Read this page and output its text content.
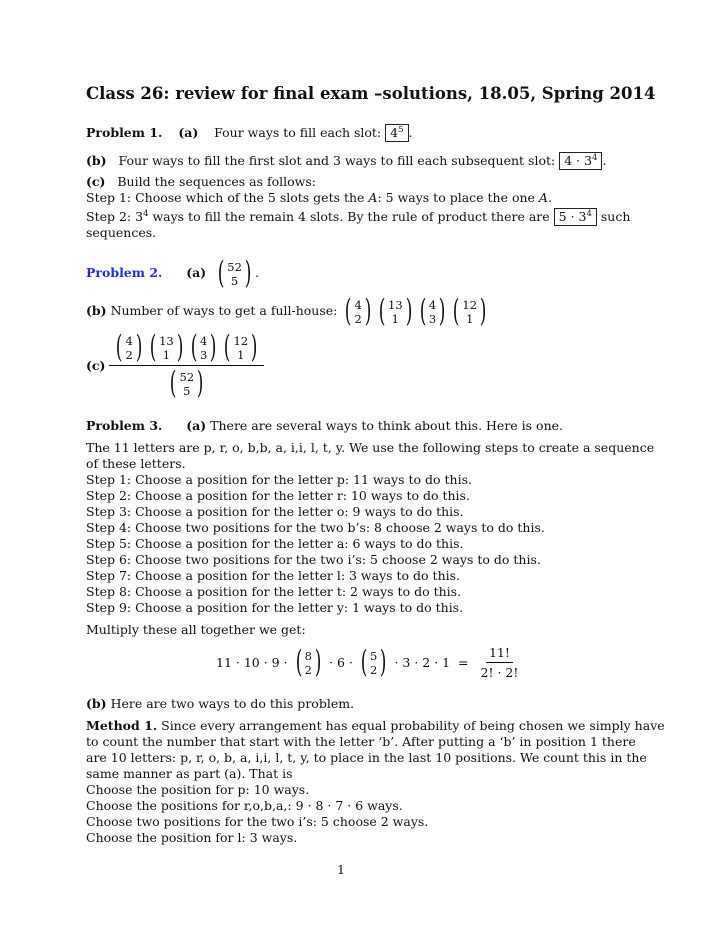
Class 26: review for final exam –solutions, 18.05, Spring 2014
Problem 1. (a) Four ways to fill each slot: $4^5$ .
(b) Four ways to fill the first slot and 3 ways to fill each subsequent slot: $4 \cdot 3^4$ .
(c) Build the sequences as follows:
Step 1: Choose which of the 5 slots gets the A: 5 ways to place the one A.
Step 2: $3^4$ ways to fill the remain 4 slots. By the rule of product there are $5 \cdot 3^4$ such
sequences.
Problem 2. (a) ( 52
5 ) .
(b) Number of ways to get a full-house: ( 4
2 ) ( 13
1 ) ( 4
3 ) ( 12
1 )
(c) ( 4
2 ) ( 13
1 ) ( 4
3 ) ( 12
1 )
( 52
5 )
Problem 3. (a) There are several ways to think about this. Here is one.
The 11 letters are p, r, o, b,b, a, i,i, l, t, y. We use the following steps to create a sequence
of these letters.
Step 1: Choose a position for the letter p: 11 ways to do this.
Step 2: Choose a position for the letter r: 10 ways to do this.
Step 3: Choose a position for the letter o: 9 ways to do this.
Step 4: Choose two positions for the two b’s: 8 choose 2 ways to do this.
Step 5: Choose a position for the letter a: 6 ways to do this.
Step 6: Choose two positions for the two i’s: 5 choose 2 ways to do this.
Step 7: Choose a position for the letter l: 3 ways to do this.
Step 8: Choose a position for the letter t: 2 ways to do this.
Step 9: Choose a position for the letter y: 1 ways to do this.
Multiply these all together we get:
11 · 10 · 9 · ( 8
2 ) · 6 · ( 5
2 ) · $3 \cdot 2 \cdot 1 = \frac{11!}{2! \cdot 2!}$
(b) Here are two ways to do this problem.
Method 1. Since every arrangement has equal probability of being chosen we simply have
to count the number that start with the letter ‘b’. After putting a ‘b’ in position 1 there
are 10 letters: p, r, o, b, a, i,i, l, t, y, to place in the last 10 positions. We count this in the
same manner as part (a). That is
Choose the position for p: 10 ways.
Choose the positions for r,o,b,a,: 9 · 8 · 7 · 6 ways.
Choose two positions for the two i’s: 5 choose 2 ways.
Choose the position for l: 3 ways.
1
